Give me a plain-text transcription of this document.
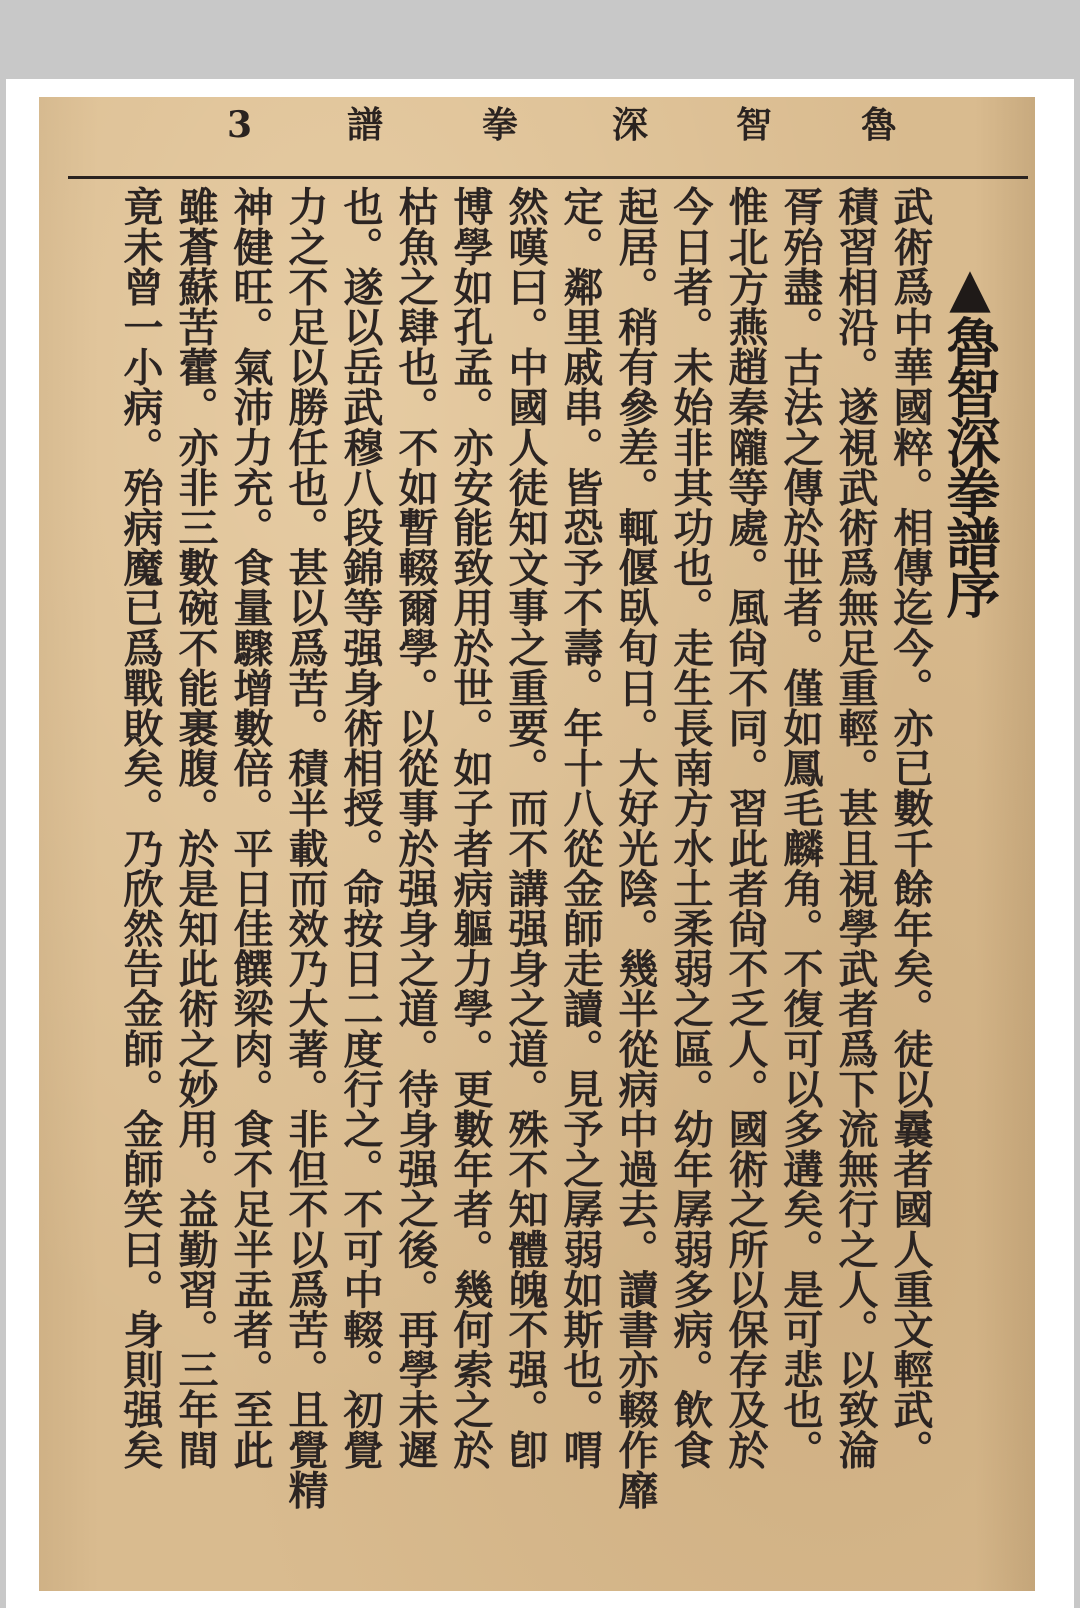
3	譜	拳	深 智 魯
▲魯智深拳譜序
武術爲中華國粹。相傳迄今。亦已數千餘年矣。徒以曩者國人重文輕武。
積習相沿。遂視武術爲無足重輕。甚且視學武者爲下流無行之人。以致淪
胥殆盡。古法之傳於世者。僅如鳳毛麟角。不復可以多遘矣。是可悲也。
惟北方燕趙秦隴等處。風尙不同。習此者尙不乏人。國術之所以保存及於
今日者。未始非其功也。走生長南方水土柔弱之區。幼年孱弱多病。飲食
起居。稍有參差。輒偃臥旬日。大好光陰。幾半從病中過去。讀書亦輟作靡
定。鄰里戚串。皆恐予不壽。年十八從金師走讀。見予之孱弱如斯也。喟
然嘆曰。中國人徒知文事之重要。而不講强身之道。殊不知體魄不强。卽
博學如孔孟。亦安能致用於世。如子者病軀力學。更數年者。幾何索之於
枯魚之肆也。不如暫輟爾學。以從事於强身之道。待身强之後。再學未遲
也。遂以岳武穆八段錦等强身術相授。命按日二度行之。不可中輟。初覺
力之不足以勝任也。甚以爲苦。積半載而效乃大著。非但不以爲苦。且覺精
神健旺。氣沛力充。食量驟增數倍。平日佳饌梁肉。食不足半盂者。至此
雖蒼蘇苦藿。亦非三數碗不能裹腹。於是知此術之妙用。益勤習。三年間
竟未曾一小病。殆病魔已爲戰敗矣。乃欣然告金師。金師笑曰。身則强矣
